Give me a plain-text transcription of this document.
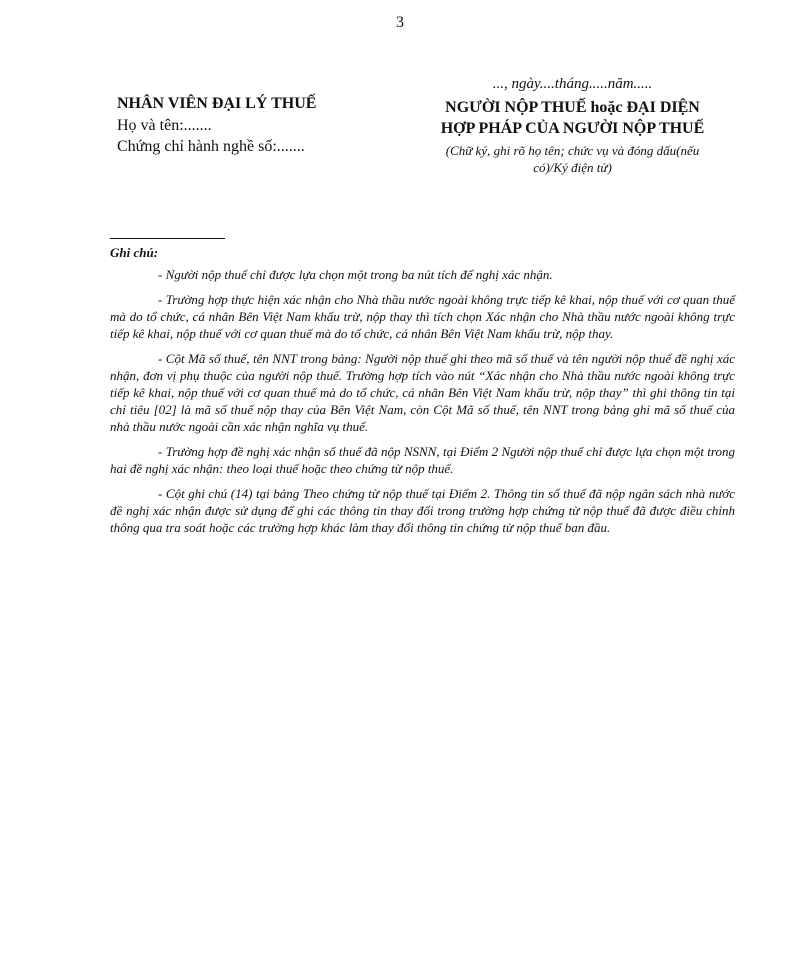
3
NHÂN VIÊN ĐẠI LÝ THUẾ
Họ và tên:.......
Chứng chỉ hành nghề số:.......
..., ngày....tháng.....năm.....
NGƯỜI NỘP THUẾ hoặc ĐẠI DIỆN
HỢP PHÁP CỦA NGƯỜI NỘP THUẾ
(Chữ ký, ghi rõ họ tên; chức vụ và đóng dấu(nếu có)/Ký điện tử)
Ghi chú:

- Người nộp thuế chỉ được lựa chọn một trong ba nút tích để nghị xác nhận.

- Trường hợp thực hiện xác nhận cho Nhà thầu nước ngoài không trực tiếp kê khai, nộp thuế với cơ quan thuế mà do tổ chức, cá nhân Bên Việt Nam khấu trừ, nộp thay thì tích chọn Xác nhận cho Nhà thầu nước ngoài không trực tiếp kê khai, nộp thuế với cơ quan thuế mà do tổ chức, cá nhân Bên Việt Nam khấu trừ, nộp thay.

- Cột Mã số thuế, tên NNT trong bảng: Người nộp thuế ghi theo mã số thuế và tên người nộp thuế đề nghị xác nhận, đơn vị phụ thuộc của người nộp thuế. Trường hợp tích vào nút “Xác nhận cho Nhà thầu nước ngoài không trực tiếp kê khai, nộp thuế với cơ quan thuế mà do tổ chức, cá nhân Bên Việt Nam khấu trừ, nộp thay” thì ghi thông tin tại chỉ tiêu [02] là mã số thuế nộp thay của Bên Việt Nam, còn Cột Mã số thuế, tên NNT trong bảng ghi mã số thuế của nhà thầu nước ngoài cần xác nhận nghĩa vụ thuế.

- Trường hợp đề nghị xác nhận số thuế đã nộp NSNN, tại Điểm 2 Người nộp thuế chỉ được lựa chọn một trong hai đề nghị xác nhận: theo loại thuế hoặc theo chứng từ nộp thuế.

- Cột ghi chú (14) tại bảng Theo chứng từ nộp thuế tại Điểm 2. Thông tin số thuế đã nộp ngân sách nhà nước đề nghị xác nhận được sử dụng để ghi các thông tin thay đổi trong trường hợp chứng từ nộp thuế đã được điều chỉnh thông qua tra soát hoặc các trường hợp khác làm thay đổi thông tin chứng từ nộp thuế ban đầu.
